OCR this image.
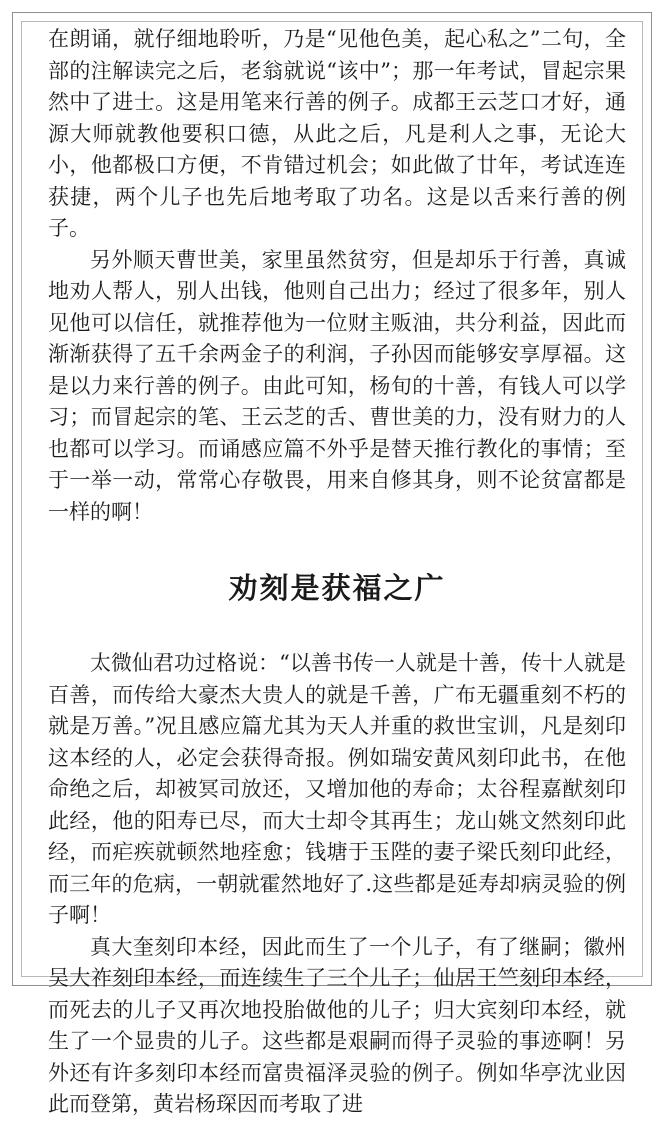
在朗诵，就仔细地聆听，乃是“见他色美，起心私之”二句，全部的注解读完之后，老翁就说“该中”；那一年考试，冒起宗果然中了进士。这是用笔来行善的例子。成都王云芝口才好，通源大师就教他要积口德，从此之后，凡是利人之事，无论大小，他都极口方便，不肯错过机会；如此做了廿年，考试连连获捷，两个儿子也先后地考取了功名。这是以舌来行善的例子。

另外顺天曹世美，家里虽然贫穷，但是却乐于行善，真诚地劝人帮人，别人出钱，他则自己出力；经过了很多年，别人见他可以信任，就推荐他为一位财主贩油，共分利益，因此而渐渐获得了五千余两金子的利润，子孙因而能够安享厚福。这是以力来行善的例子。由此可知，杨旬的十善，有钱人可以学习；而冒起宗的笔、王云芝的舌、曹世美的力，没有财力的人也都可以学习。而诵感应篇不外乎是替天推行教化的事情；至于一举一动，常常心存敬畏，用来自修其身，则不论贫富都是一样的啊！

劝刻是获福之广

太微仙君功过格说：“以善书传一人就是十善，传十人就是百善，而传给大豪杰大贵人的就是千善，广布无疆重刻不朽的就是万善。”况且感应篇尤其为天人并重的救世宝训，凡是刻印这本经的人，必定会获得奇报。例如瑞安黄风刻印此书，在他命绝之后，却被冥司放还，又增加他的寿命；太谷程嘉猷刻印此经，他的阳寿已尽，而大士却令其再生；龙山姚文然刻印此经，而疟疾就顿然地痊愈；钱塘于玉陛的妻子梁氏刻印此经，而三年的危病，一朝就霍然地好了.这些都是延寿却病灵验的例子啊！

真大奎刻印本经，因此而生了一个儿子，有了继嗣；徽州吴大祚刻印本经，而连续生了三个儿子；仙居王竺刻印本经，而死去的儿子又再次地投胎做他的儿子；归大宾刻印本经，就生了一个显贵的儿子。这些都是艰嗣而得子灵验的事迹啊！另外还有许多刻印本经而富贵福泽灵验的例子。例如华亭沈业因此而登第，黄岩杨琛因而考取了进
